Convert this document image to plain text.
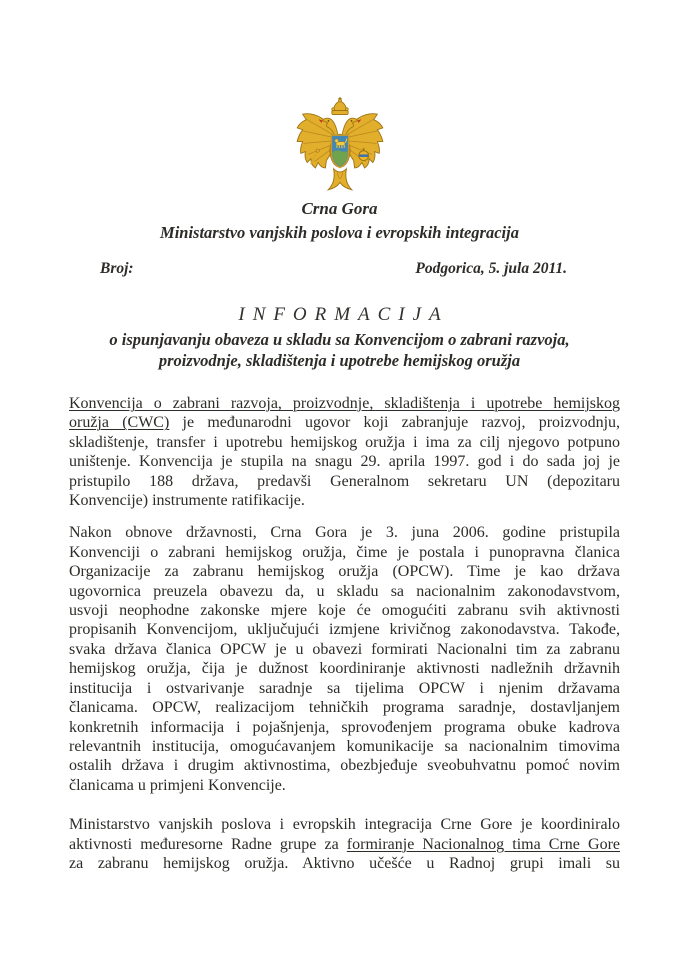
Crna Gora
Ministarstvo vanjskih poslova i evropskih integracija
Broj:	Podgorica, 5. jula 2011.
INFORMACIJA
o ispunjavanju obaveza u skladu sa Konvencijom o zabrani razvoja,
proizvodnje, skladištenja i upotrebe hemijskog oružja
Konvencija o zabrani razvoja, proizvodnje, skladištenja i upotrebe hemijskog
oružja (CWC) je međunarodni ugovor koji zabranjuje razvoj, proizvodnju,
skladištenje, transfer i upotrebu hemijskog oružja i ima za cilj njegovo potpuno
uništenje. Konvencija je stupila na snagu 29. aprila 1997. god i do sada joj je
pristupilo 188 država, predavši Generalnom sekretaru UN (depozitaru
Konvencije) instrumente ratifikacije.
Nakon obnove državnosti, Crna Gora je 3. juna 2006. godine pristupila
Konvenciji o zabrani hemijskog oružja, čime je postala i punopravna članica
Organizacije za zabranu hemijskog oružja (OPCW). Time je kao država
ugovornica preuzela obavezu da, u skladu sa nacionalnim zakonodavstvom,
usvoji neophodne zakonske mjere koje će omogućiti zabranu svih aktivnosti
propisanih Konvencijom, uključujući izmjene krivičnog zakonodavstva. Takođe,
svaka država članica OPCW je u obavezi formirati Nacionalni tim za zabranu
hemijskog oružja, čija je dužnost koordiniranje aktivnosti nadležnih državnih
institucija i ostvarivanje saradnje sa tijelima OPCW i njenim državama
članicama. OPCW, realizacijom tehničkih programa saradnje, dostavljanjem
konkretnih informacija i pojašnjenja, sprovođenjem programa obuke kadrova
relevantnih institucija, omogućavanjem komunikacije sa nacionalnim timovima
ostalih država i drugim aktivnostima, obezbjeđuje sveobuhvatnu pomoć novim
članicama u primjeni Konvencije.
Ministarstvo vanjskih poslova i evropskih integracija Crne Gore je koordiniralo
aktivnosti međuresorne Radne grupe za formiranje Nacionalnog tima Crne Gore
za zabranu hemijskog oružja. Aktivno učešće u Radnoj grupi imali su
